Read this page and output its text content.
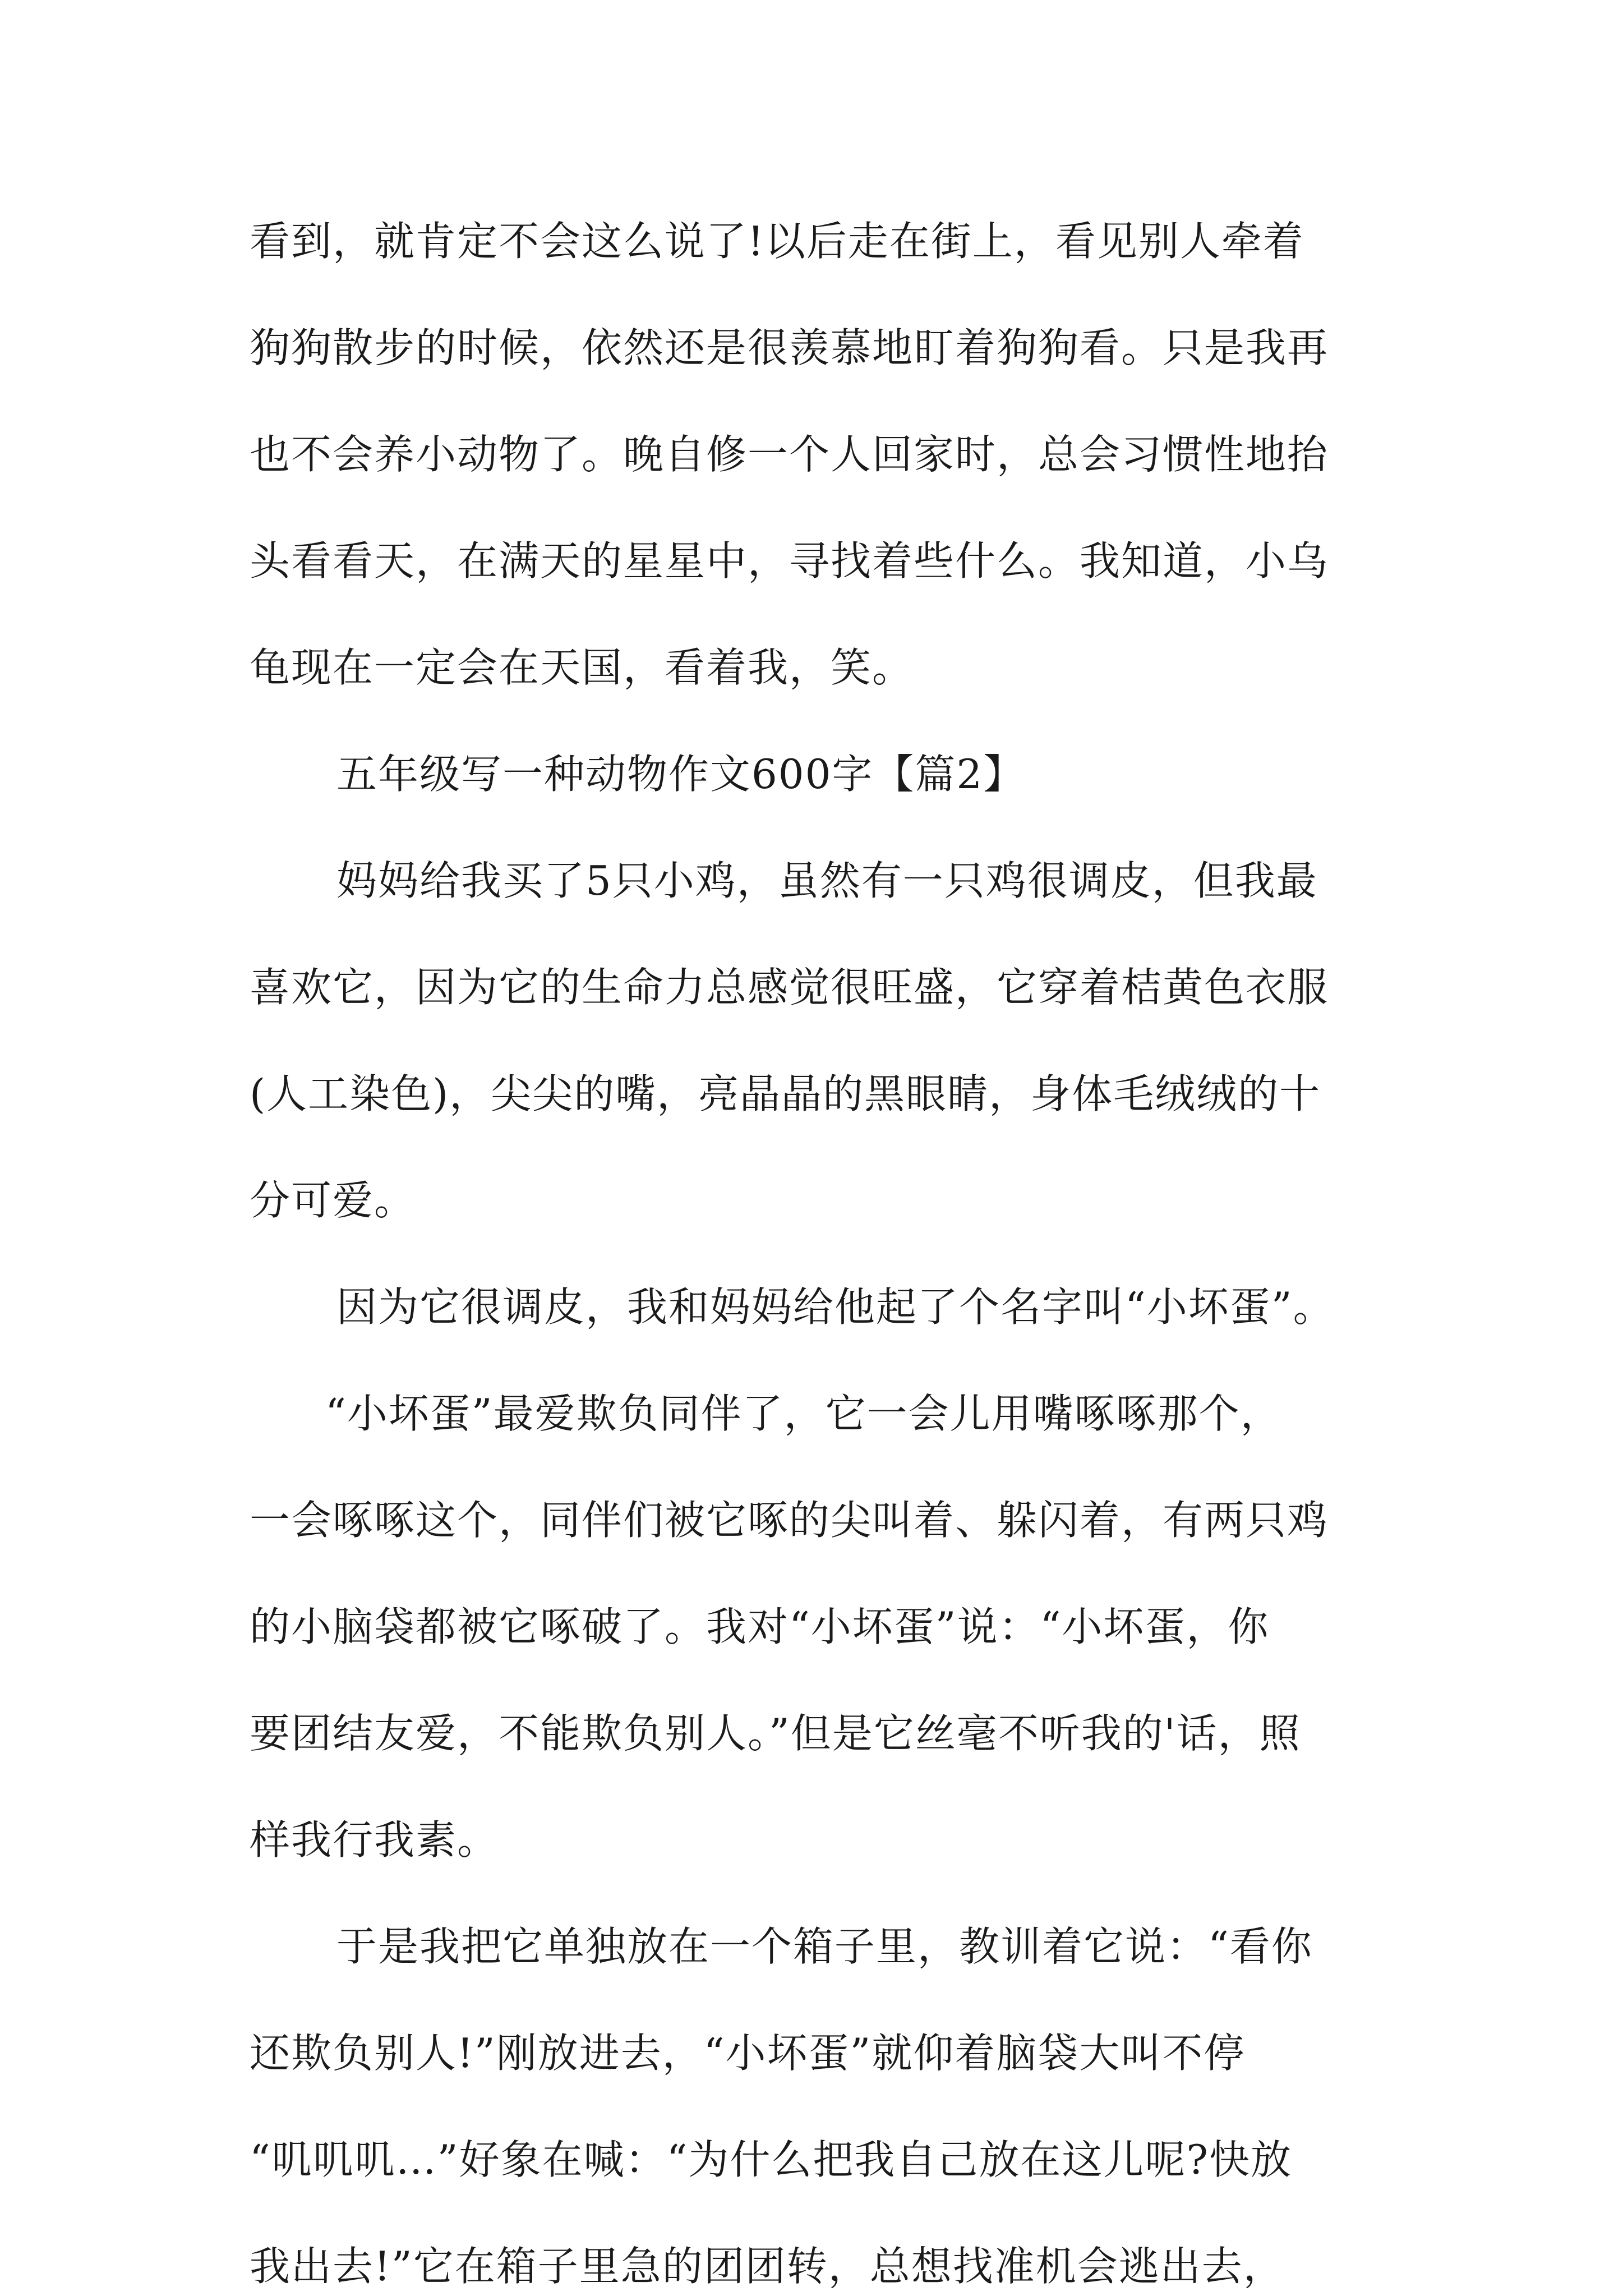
看到，就肯定不会这么说了!以后走在街上，看见别人牵着
狗狗散步的时候，依然还是很羡慕地盯着狗狗看。只是我再
也不会养小动物了。晚自修一个人回家时，总会习惯性地抬
头看看天，在满天的星星中，寻找着些什么。我知道，小乌
龟现在一定会在天国，看着我，笑。
五年级写一种动物作文600字【篇2】
妈妈给我买了5只小鸡，虽然有一只鸡很调皮，但我最
喜欢它，因为它的生命力总感觉很旺盛，它穿着桔黄色衣服
(人工染色)，尖尖的嘴，亮晶晶的黑眼睛，身体毛绒绒的十
分可爱。
因为它很调皮，我和妈妈给他起了个名字叫“小坏蛋”。
“小坏蛋”最爱欺负同伴了，它一会儿用嘴啄啄那个，
一会啄啄这个，同伴们被它啄的尖叫着、躲闪着，有两只鸡
的小脑袋都被它啄破了。我对“小坏蛋”说：“小坏蛋，你
要团结友爱，不能欺负别人。”但是它丝毫不听我的'话，照
样我行我素。
于是我把它单独放在一个箱子里，教训着它说：“看你
还欺负别人!”刚放进去，“小坏蛋”就仰着脑袋大叫不停
“叽叽叽…”好象在喊：“为什么把我自己放在这儿呢?快放
我出去!”它在箱子里急的团团转，总想找准机会逃出去，
